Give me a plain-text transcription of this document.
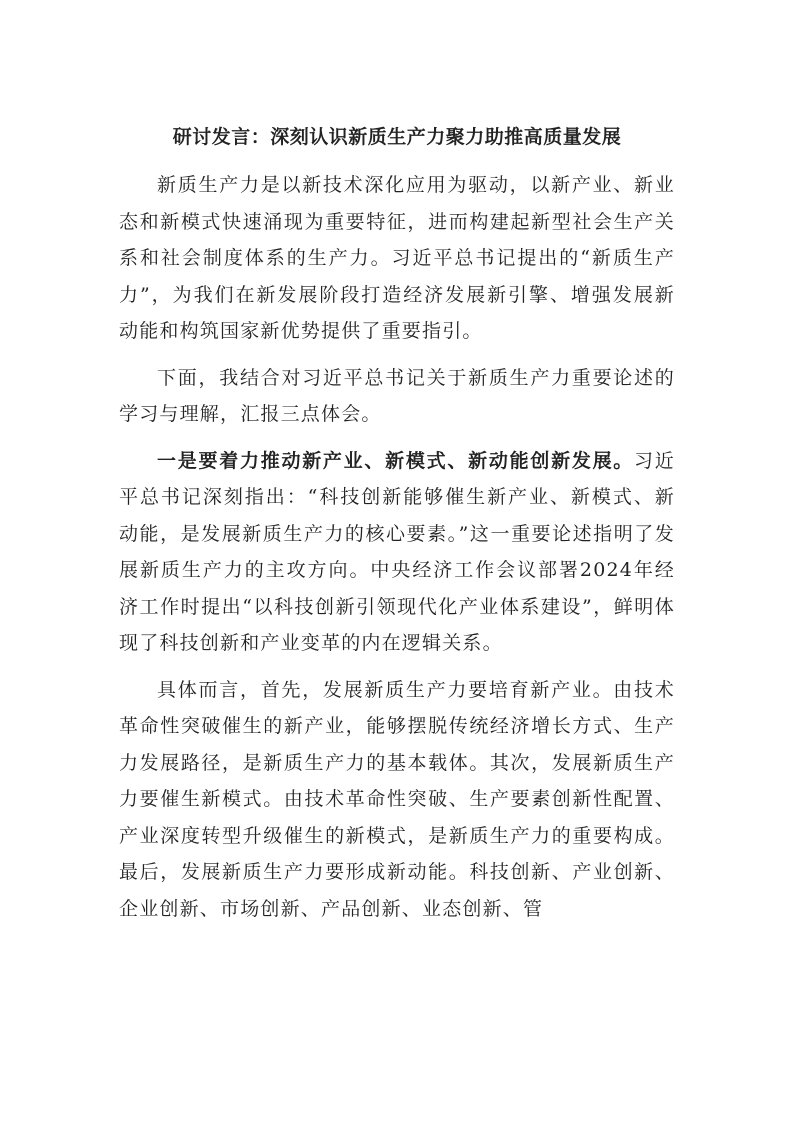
研讨发言：深刻认识新质生产力聚力助推高质量发展

新质生产力是以新技术深化应用为驱动，以新产业、新业态和新模式快速涌现为重要特征，进而构建起新型社会生产关系和社会制度体系的生产力。习近平总书记提出的“新质生产力”，为我们在新发展阶段打造经济发展新引擎、增强发展新动能和构筑国家新优势提供了重要指引。

下面，我结合对习近平总书记关于新质生产力重要论述的学习与理解，汇报三点体会。

一是要着力推动新产业、新模式、新动能创新发展。习近平总书记深刻指出：“科技创新能够催生新产业、新模式、新动能，是发展新质生产力的核心要素。”这一重要论述指明了发展新质生产力的主攻方向。中央经济工作会议部署2024年经济工作时提出“以科技创新引领现代化产业体系建设”，鲜明体现了科技创新和产业变革的内在逻辑关系。

具体而言，首先，发展新质生产力要培育新产业。由技术革命性突破催生的新产业，能够摆脱传统经济增长方式、生产力发展路径，是新质生产力的基本载体。其次，发展新质生产力要催生新模式。由技术革命性突破、生产要素创新性配置、产业深度转型升级催生的新模式，是新质生产力的重要构成。最后，发展新质生产力要形成新动能。科技创新、产业创新、企业创新、市场创新、产品创新、业态创新、管
